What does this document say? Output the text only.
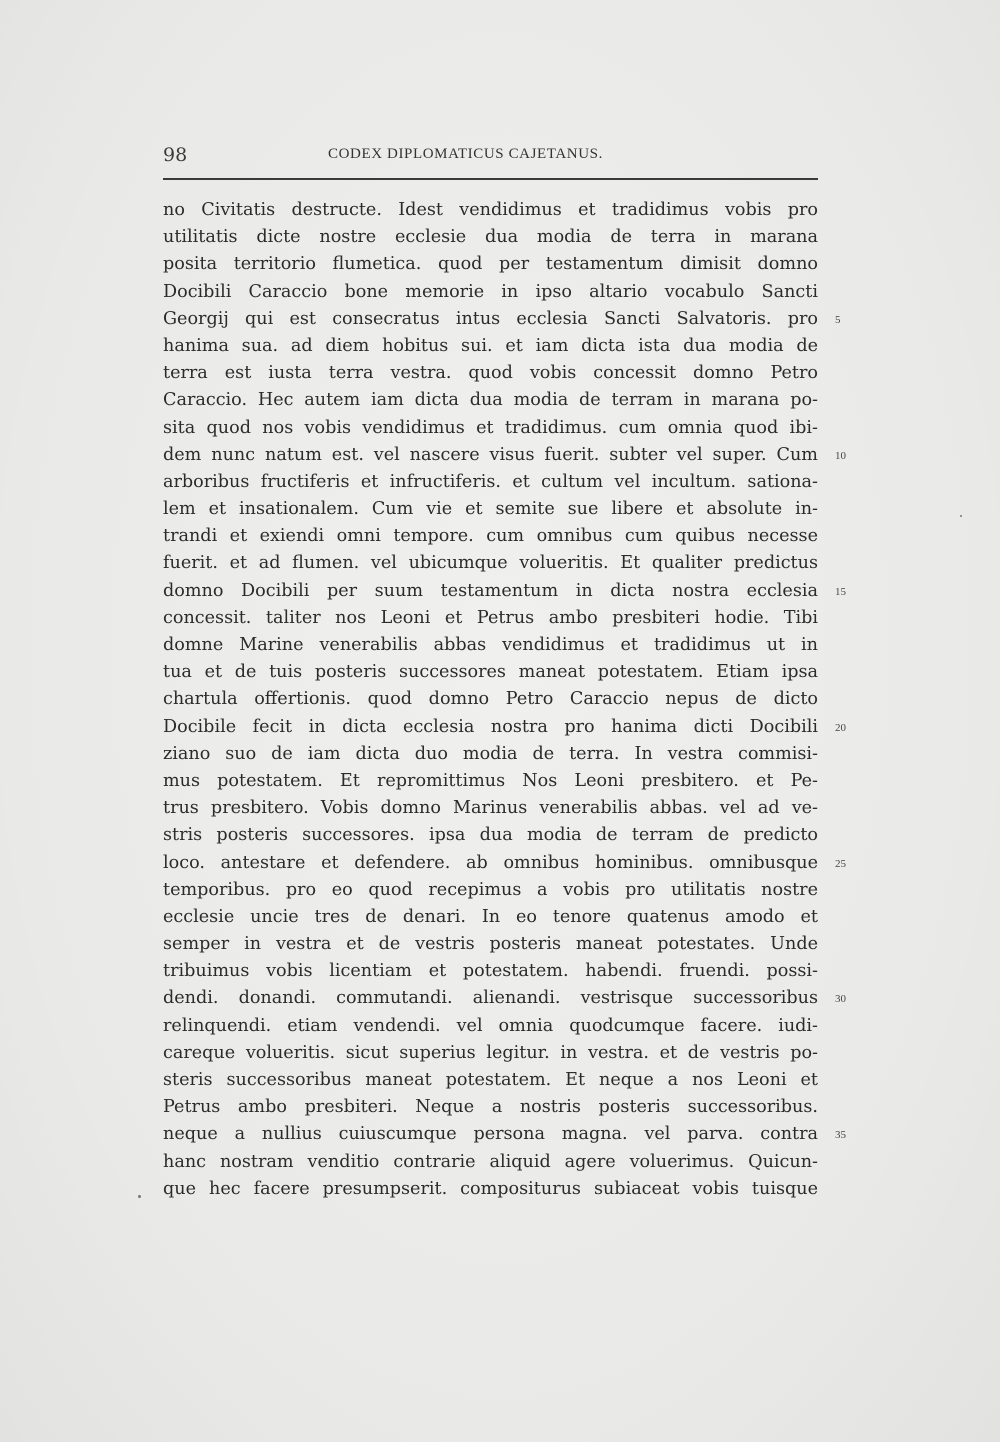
98	CODEX DIPLOMATICUS CAJETANUS.
no Civitatis destructe. Idest vendidimus et tradidimus vobis pro
utilitatis dicte nostre ecclesie dua modia de terra in marana
posita territorio flumetica. quod per testamentum dimisit domno
Docibili Caraccio bone memorie in ipso altario vocabulo Sancti
Georgij qui est consecratus intus ecclesia Sancti Salvatoris. pro 5
hanima sua. ad diem hobitus sui. et iam dicta ista dua modia de
terra est iusta terra vestra. quod vobis concessit domno Petro
Caraccio. Hec autem iam dicta dua modia de terram in marana po-
sita quod nos vobis vendidimus et tradidimus. cum omnia quod ibi-
dem nunc natum est. vel nascere visus fuerit. subter vel super. Cum 10
arboribus fructiferis et infructiferis. et cultum vel incultum. sationa-
lem et insationalem. Cum vie et semite sue libere et absolute in-
trandi et exiendi omni tempore. cum omnibus cum quibus necesse
fuerit. et ad flumen. vel ubicumque volueritis. Et qualiter predictus
domno Docibili per suum testamentum in dicta nostra ecclesia 15
concessit. taliter nos Leoni et Petrus ambo presbiteri hodie. Tibi
domne Marine venerabilis abbas vendidimus et tradidimus ut in
tua et de tuis posteris successores maneat potestatem. Etiam ipsa
chartula offertionis. quod domno Petro Caraccio nepus de dicto
Docibile fecit in dicta ecclesia nostra pro hanima dicti Docibili 20
ziano suo de iam dicta duo modia de terra. In vestra commisi-
mus potestatem. Et repromittimus Nos Leoni presbitero. et Pe-
trus presbitero. Vobis domno Marinus venerabilis abbas. vel ad ve-
stris posteris successores. ipsa dua modia de terram de predicto
loco. antestare et defendere. ab omnibus hominibus. omnibusque 25
temporibus. pro eo quod recepimus a vobis pro utilitatis nostre
ecclesie uncie tres de denari. In eo tenore quatenus amodo et
semper in vestra et de vestris posteris maneat potestates. Unde
tribuimus vobis licentiam et potestatem. habendi. fruendi. possi-
dendi. donandi. commutandi. alienandi. vestrisque successoribus 30
relinquendi. etiam vendendi. vel omnia quodcumque facere. iudi-
careque volueritis. sicut superius legitur. in vestra. et de vestris po-
steris successoribus maneat potestatem. Et neque a nos Leoni et
Petrus ambo presbiteri. Neque a nostris posteris successoribus.
neque a nullius cuiuscumque persona magna. vel parva. contra 35
hanc nostram venditio contrarie aliquid agere voluerimus. Quicun-
que hec facere presumpserit. compositurus subiaceat vobis tuisque
